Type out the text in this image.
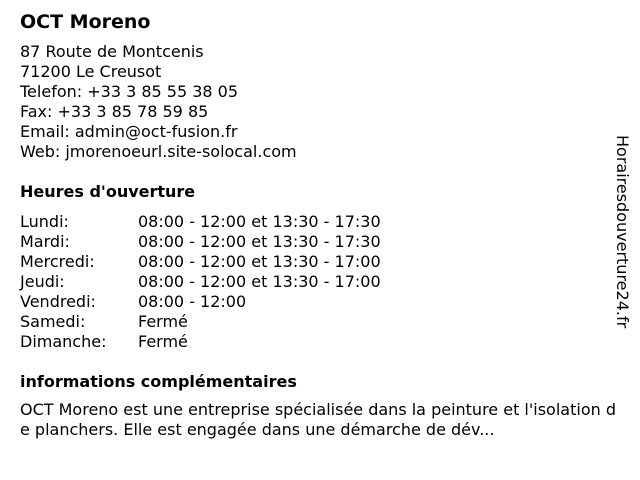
OCT Moreno
87 Route de Montcenis
71200 Le Creusot
Telefon: +33 3 85 55 38 05
Fax: +33 3 85 78 59 85
Email: admin@oct-fusion.fr
Web: jmorenoeurl.site-solocal.com
Heures d'ouverture
Lundi:	08:00 - 12:00 et 13:30 - 17:30
Mardi:	08:00 - 12:00 et 13:30 - 17:30
Mercredi:	08:00 - 12:00 et 13:30 - 17:00
Jeudi:	08:00 - 12:00 et 13:30 - 17:00
Vendredi:	08:00 - 12:00
Samedi:	Fermé
Dimanche:	Fermé
informations complémentaires
OCT Moreno est une entreprise spécialisée dans la peinture et l'isolation de planchers. Elle est engagée dans une démarche de dév...
Horairesdouverture24.fr
